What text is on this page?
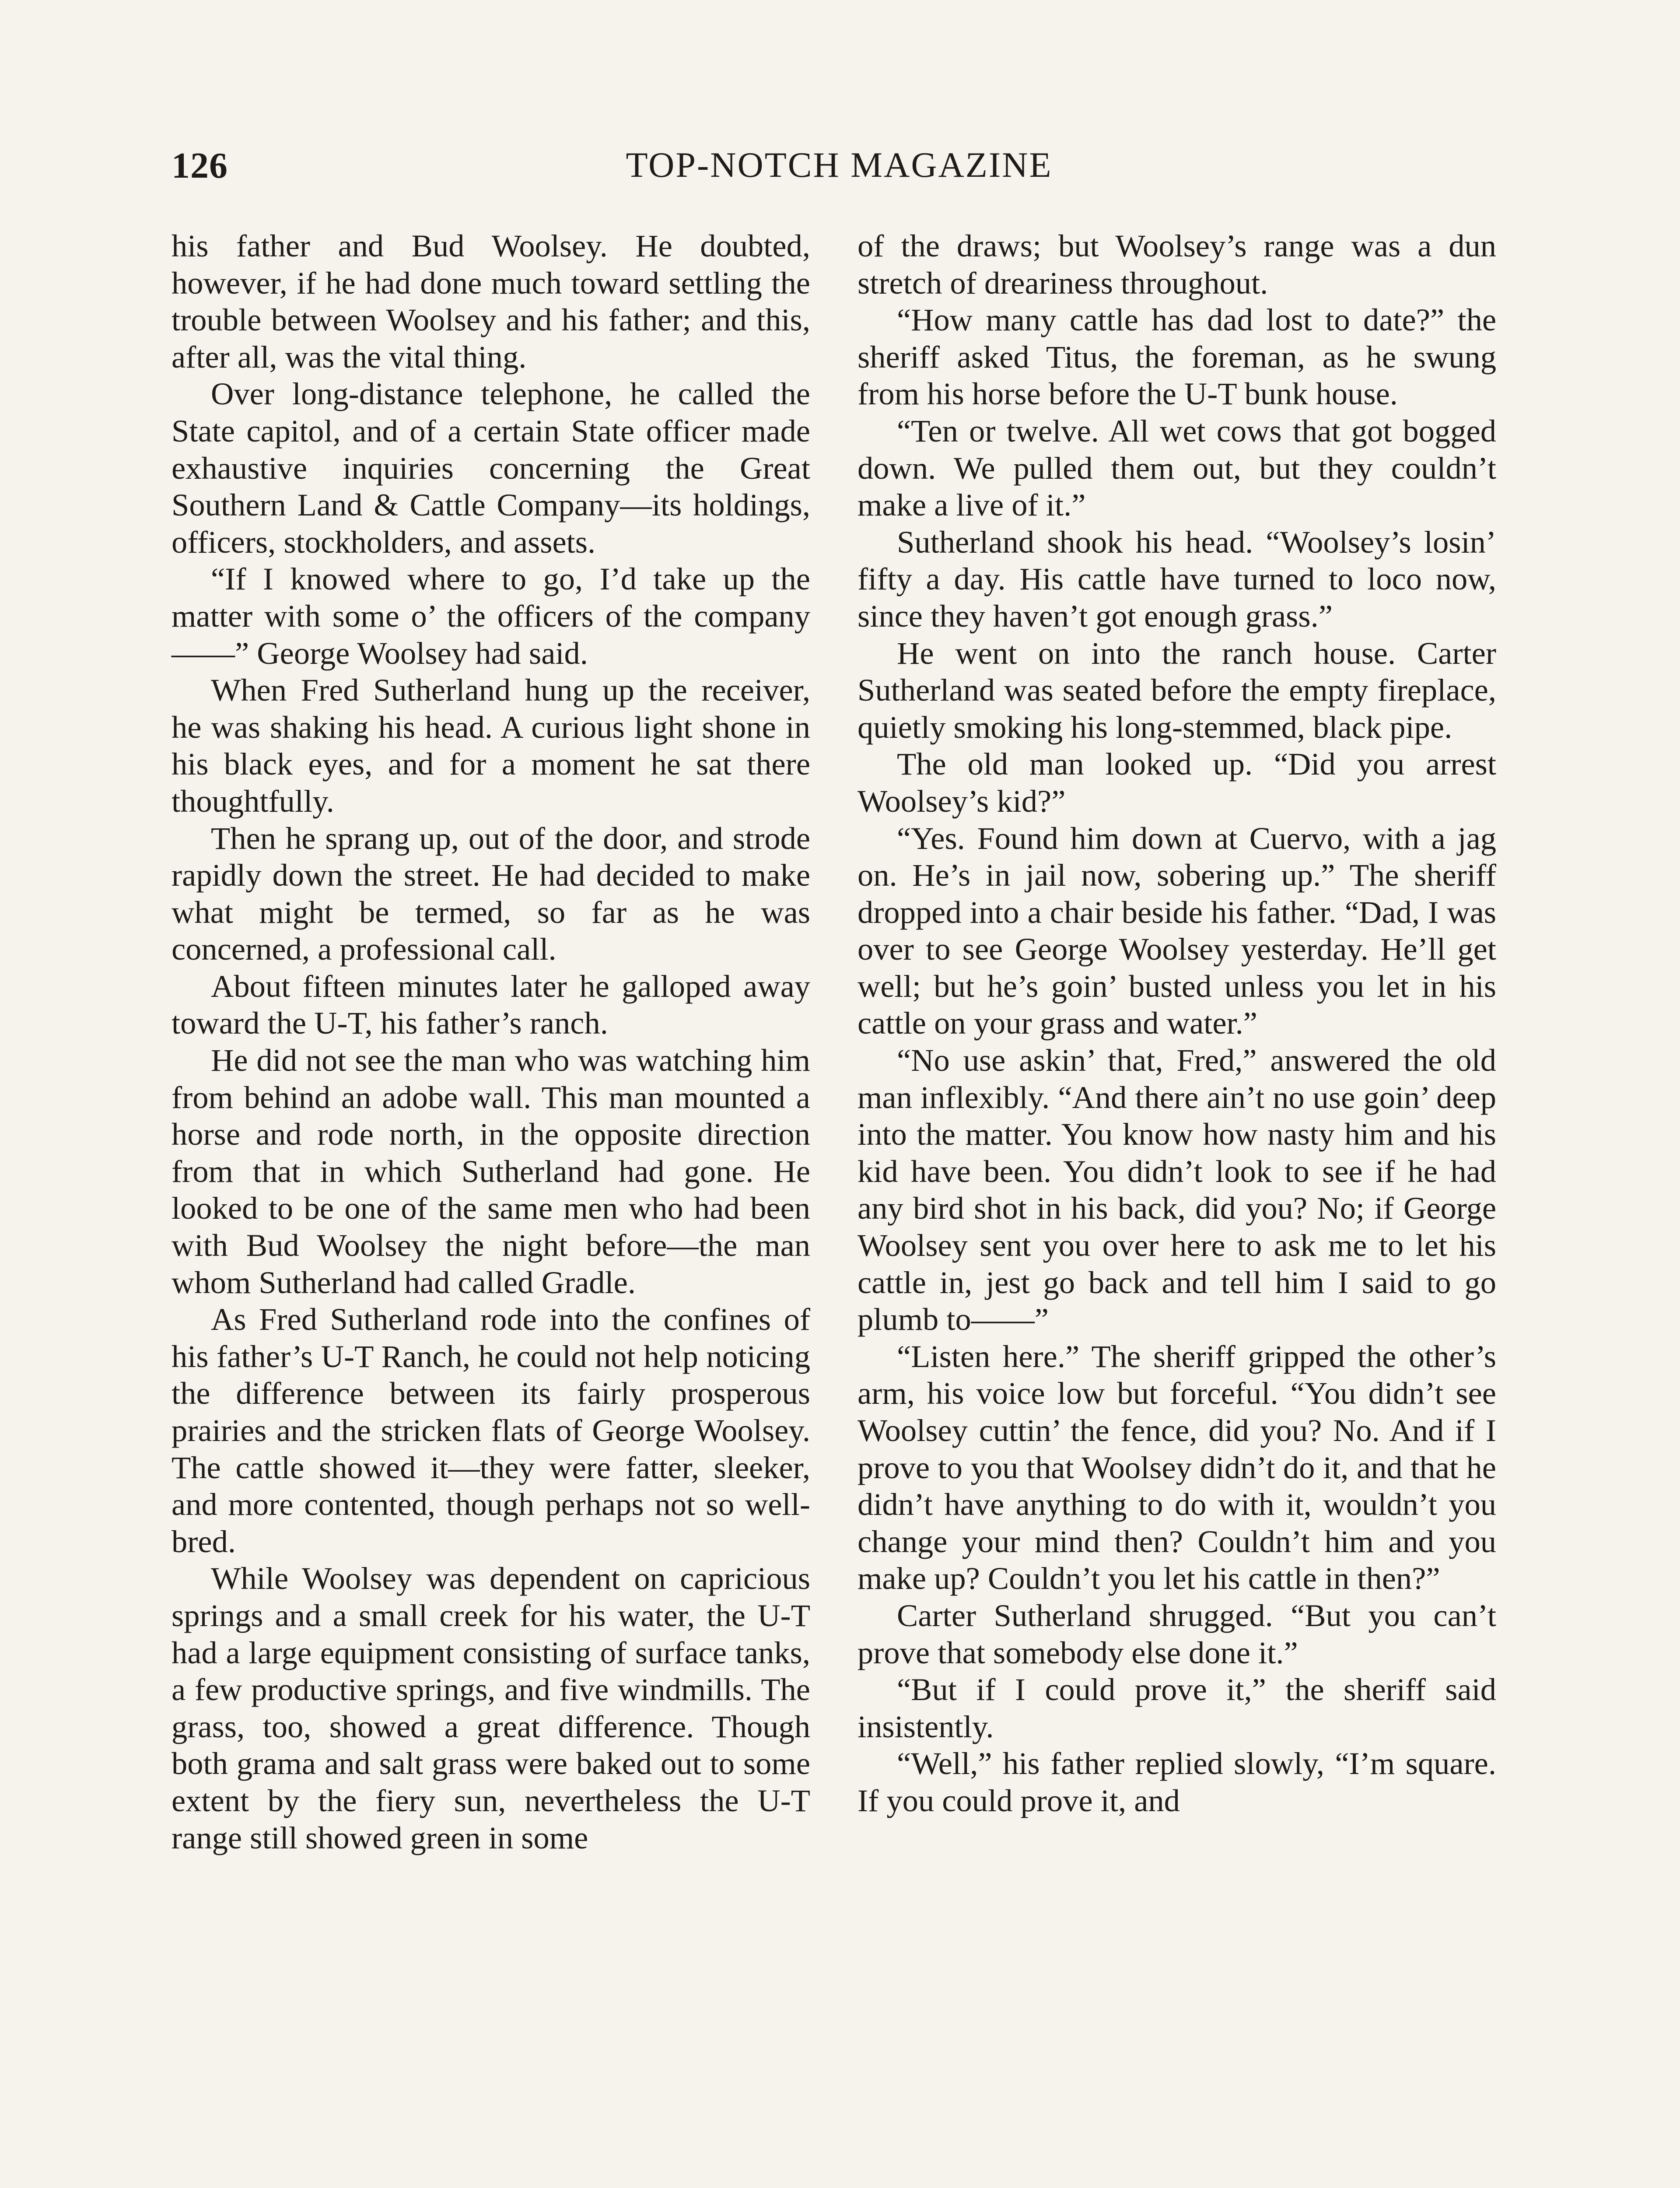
126	TOP-NOTCH MAGAZINE

his father and Bud Woolsey. He doubted, however, if he had done much toward settling the trouble between Woolsey and his father; and this, after all, was the vital thing.

Over long-distance telephone, he called the State capitol, and of a certain State officer made exhaustive inquiries concerning the Great Southern Land & Cattle Company—its holdings, officers, stockholders, and assets.

“If I knowed where to go, I’d take up the matter with some o’ the officers of the company——” George Woolsey had said.

When Fred Sutherland hung up the receiver, he was shaking his head. A curious light shone in his black eyes, and for a moment he sat there thoughtfully.

Then he sprang up, out of the door, and strode rapidly down the street. He had decided to make what might be termed, so far as he was concerned, a professional call.

About fifteen minutes later he galloped away toward the U-T, his father’s ranch.

He did not see the man who was watching him from behind an adobe wall. This man mounted a horse and rode north, in the opposite direction from that in which Sutherland had gone. He looked to be one of the same men who had been with Bud Woolsey the night before—the man whom Sutherland had called Gradle.

As Fred Sutherland rode into the confines of his father’s U-T Ranch, he could not help noticing the difference between its fairly prosperous prairies and the stricken flats of George Woolsey. The cattle showed it—they were fatter, sleeker, and more contented, though perhaps not so well-bred.

While Woolsey was dependent on capricious springs and a small creek for his water, the U-T had a large equipment consisting of surface tanks, a few productive springs, and five windmills. The grass, too, showed a great difference. Though both grama and salt grass were baked out to some extent by the fiery sun, nevertheless the U-T range still showed green in some

of the draws; but Woolsey’s range was a dun stretch of dreariness throughout.

“How many cattle has dad lost to date?” the sheriff asked Titus, the foreman, as he swung from his horse before the U-T bunk house.

“Ten or twelve. All wet cows that got bogged down. We pulled them out, but they couldn’t make a live of it.”

Sutherland shook his head. “Woolsey’s losin’ fifty a day. His cattle have turned to loco now, since they haven’t got enough grass.”

He went on into the ranch house. Carter Sutherland was seated before the empty fireplace, quietly smoking his long-stemmed, black pipe.

The old man looked up. “Did you arrest Woolsey’s kid?”

“Yes. Found him down at Cuervo, with a jag on. He’s in jail now, sobering up.” The sheriff dropped into a chair beside his father. “Dad, I was over to see George Woolsey yesterday. He’ll get well; but he’s goin’ busted unless you let in his cattle on your grass and water.”

“No use askin’ that, Fred,” answered the old man inflexibly. “And there ain’t no use goin’ deep into the matter. You know how nasty him and his kid have been. You didn’t look to see if he had any bird shot in his back, did you? No; if George Woolsey sent you over here to ask me to let his cattle in, jest go back and tell him I said to go plumb to——”

“Listen here.” The sheriff gripped the other’s arm, his voice low but forceful. “You didn’t see Woolsey cuttin’ the fence, did you? No. And if I prove to you that Woolsey didn’t do it, and that he didn’t have anything to do with it, wouldn’t you change your mind then? Couldn’t him and you make up? Couldn’t you let his cattle in then?”

Carter Sutherland shrugged. “But you can’t prove that somebody else done it.”

“But if I could prove it,” the sheriff said insistently.

“Well,” his father replied slowly, “I’m square. If you could prove it, and
